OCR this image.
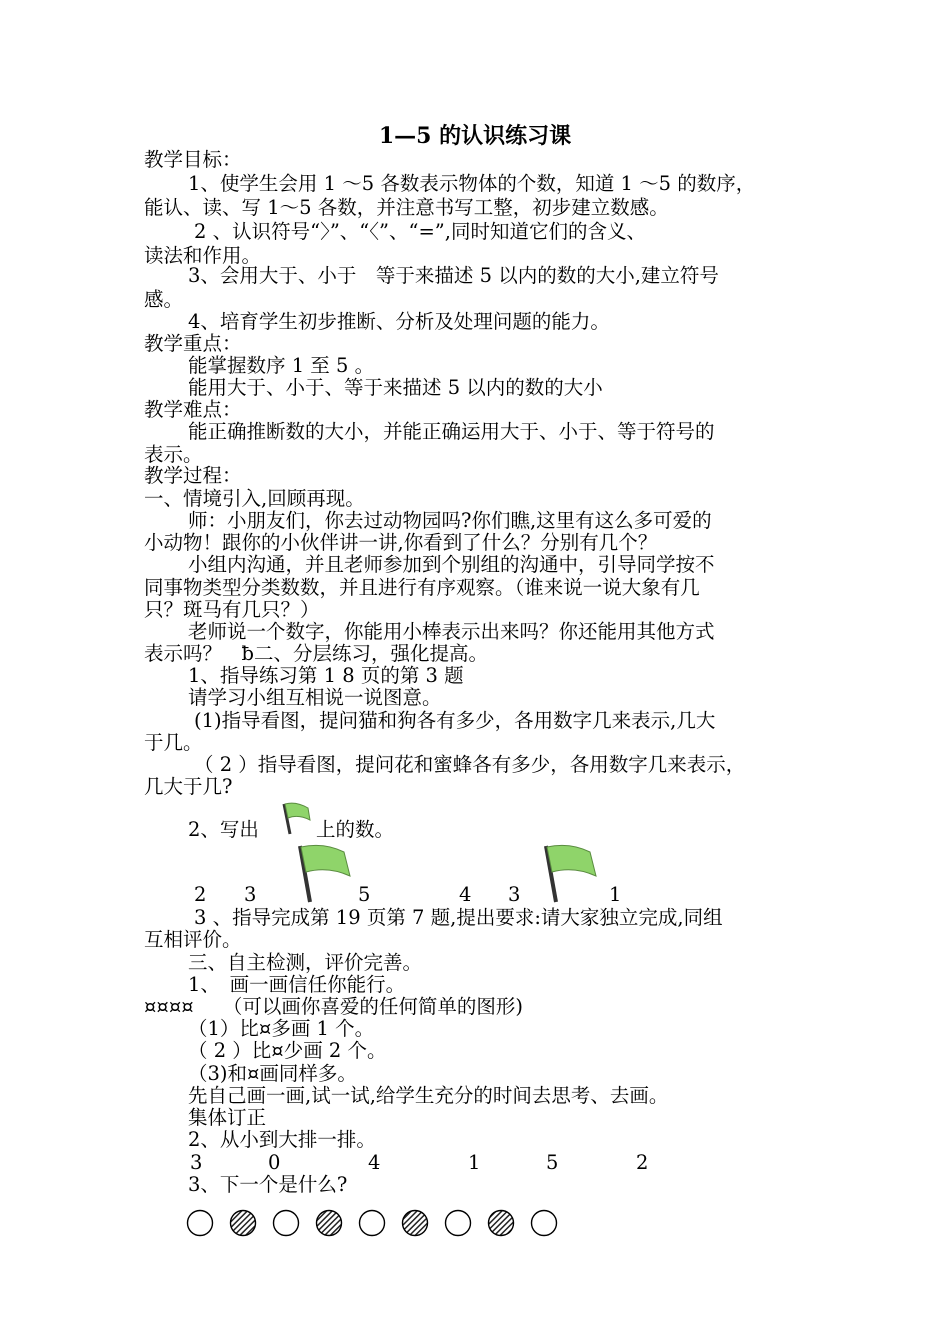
1—5 的认识练习课
教学目标：
1、使学生会用 1 ～5 各数表示物体的个数，知道 1 ～5 的数序，
能认、读、写 1～5 各数，并注意书写工整，初步建立数感。
2 、认识符号“〉”、“〈”、“=”,同时知道它们的含义、
读法和作用。
3、会用大于、小于　等于来描述 5 以内的数的大小,建立符号
感。
4、培育学生初步推断、分析及处理问题的能力。
教学重点：
能掌握数序 1 至 5 。
能用大于、小于、等于来描述 5 以内的数的大小
教学难点：
能正确推断数的大小，并能正确运用大于、小于、等于符号的
表示。
教学过程：
一、情境引入,回顾再现。
师：小朋友们，你去过动物园吗?你们瞧,这里有这么多可爱的
小动物！跟你的小伙伴讲一讲,你看到了什么？分别有几个？
小组内沟通，并且老师参加到个别组的沟通中，引导同学按不
同事物类型分类数数，并且进行有序观察。（谁来说一说大象有几
只？斑马有几只？）
老师说一个数字，你能用小棒表示出来吗？你还能用其他方式
表示吗？　ƀ二、分层练习，强化提高。
1、指导练习第 1 8 页的第 3 题
请学习小组互相说一说图意。
(1)指导看图，提问猫和狗各有多少，各用数字几来表示,几大
于几。
（ 2 ）指导看图，提问花和蜜蜂各有多少，各用数字几来表示，
几大于几?
2、写出	上的数。
2 3	5	4 3	1
3 、指导完成第 19 页第 7 题,提出要求:请大家独立完成,同组
互相评价。
三、自主检测，评价完善。
1、　画一画信任你能行。
¤¤¤¤　　（可以画你喜爱的任何简单的图形)
（1）比¤多画 1 个。
（ 2 ）比¤少画 2 个。
（3)和¤画同样多。
先自己画一画,试一试,给学生充分的时间去思考、去画。
集体订正
2、从小到大排一排。
3	0	4	1	5	2
3、下一个是什么?
